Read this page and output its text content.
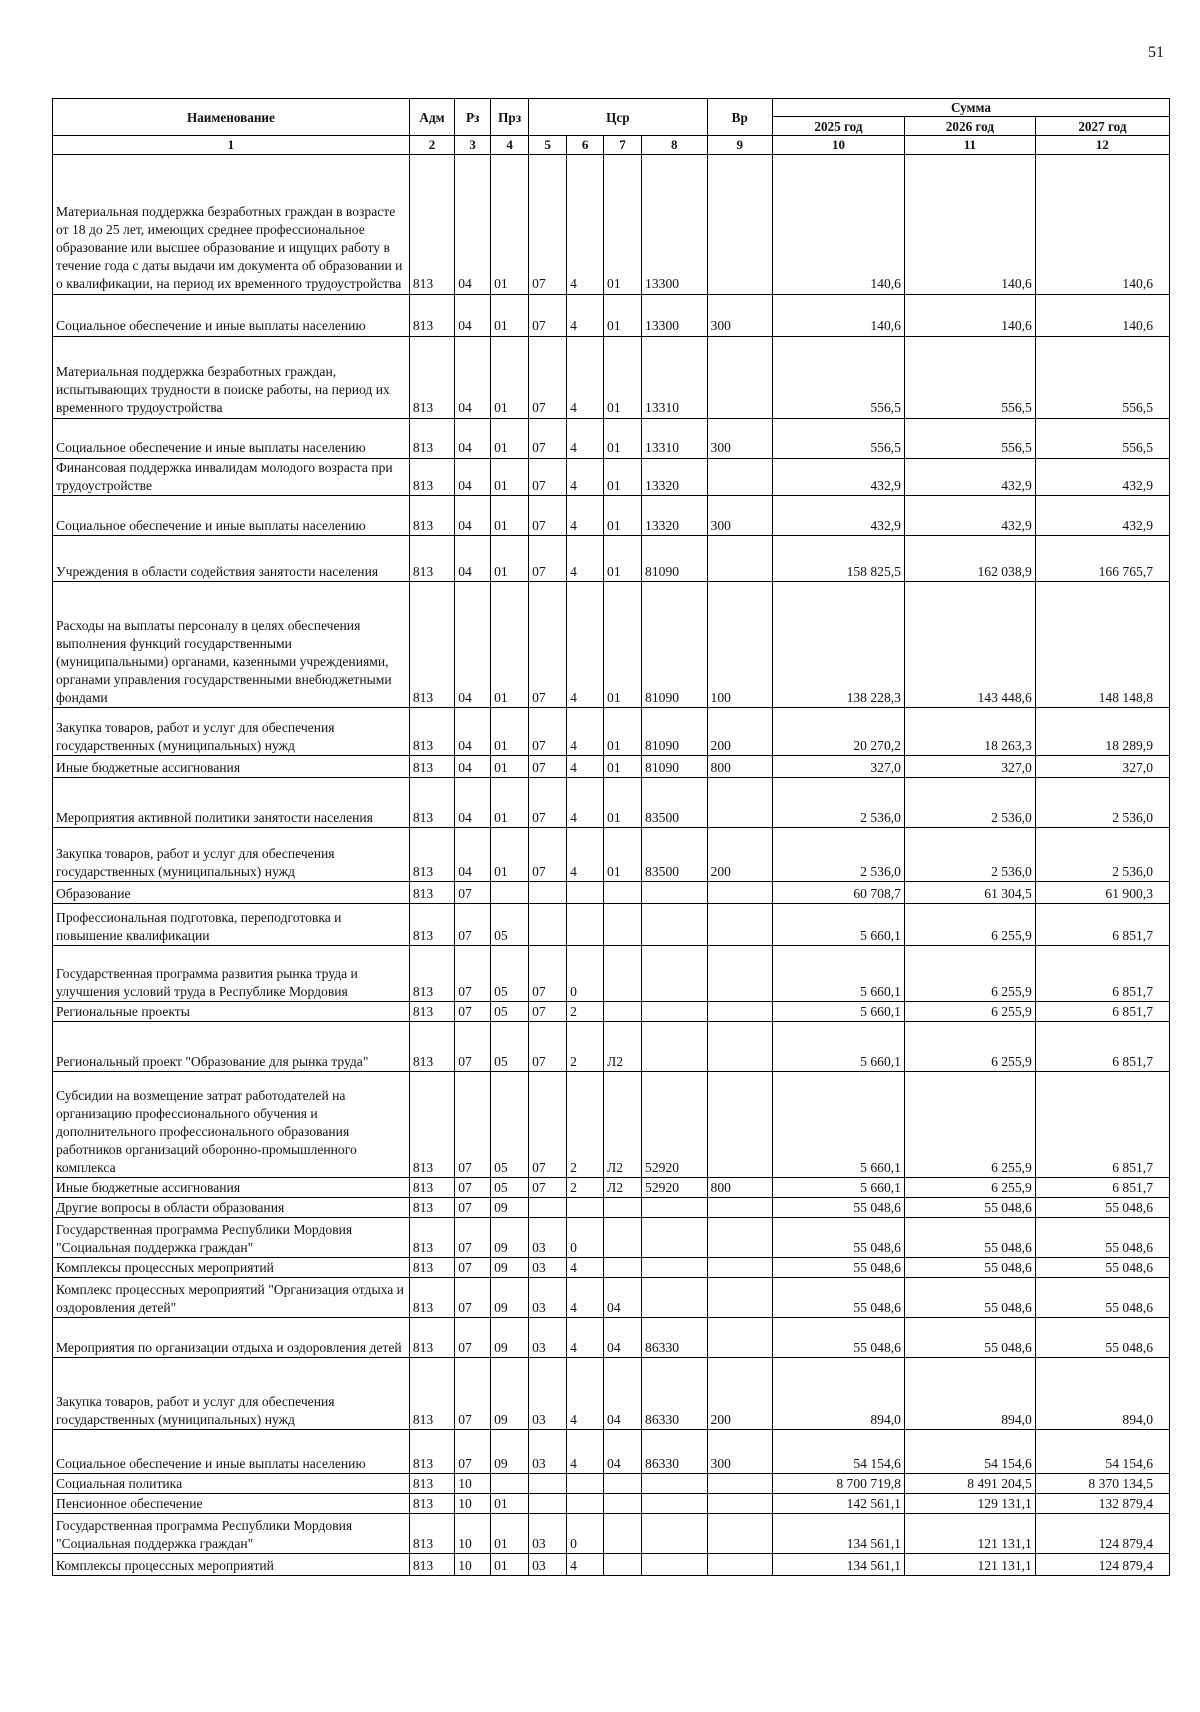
51
Наименование	Адм	Рз	Прз	Цср				Вр	Сумма		
									2025 год	2026 год	2027 год
1	2	3	4	5	6	7	8	9	10	11	12
Материальная поддержка безработных граждан в возрасте от 18 до 25 лет, имеющих среднее профессиональное образование или высшее образование и ищущих работу в течение года с даты выдачи им документа об образовании и о квалификации, на период их временного трудоустройства	813	04	01	07	4	01	13300		140,6	140,6	140,6
Социальное обеспечение и иные выплаты населению	813	04	01	07	4	01	13300	300	140,6	140,6	140,6
Материальная поддержка безработных граждан, испытывающих трудности в поиске работы, на период их временного трудоустройства	813	04	01	07	4	01	13310		556,5	556,5	556,5
Социальное обеспечение и иные выплаты населению	813	04	01	07	4	01	13310	300	556,5	556,5	556,5
Финансовая поддержка инвалидам молодого возраста при трудоустройстве	813	04	01	07	4	01	13320		432,9	432,9	432,9
Социальное обеспечение и иные выплаты населению	813	04	01	07	4	01	13320	300	432,9	432,9	432,9
Учреждения в области содействия занятости населения	813	04	01	07	4	01	81090		158 825,5	162 038,9	166 765,7
Расходы на выплаты персоналу в целях обеспечения выполнения функций государственными (муниципальными) органами, казенными учреждениями, органами управления государственными внебюджетными фондами	813	04	01	07	4	01	81090	100	138 228,3	143 448,6	148 148,8
Закупка товаров, работ и услуг для обеспечения государственных (муниципальных) нужд	813	04	01	07	4	01	81090	200	20 270,2	18 263,3	18 289,9
Иные бюджетные ассигнования	813	04	01	07	4	01	81090	800	327,0	327,0	327,0
Мероприятия активной политики занятости населения	813	04	01	07	4	01	83500		2 536,0	2 536,0	2 536,0
Закупка товаров, работ и услуг для обеспечения государственных (муниципальных) нужд	813	04	01	07	4	01	83500	200	2 536,0	2 536,0	2 536,0
Образование	813	07							60 708,7	61 304,5	61 900,3
Профессиональная подготовка, переподготовка и повышение квалификации	813	07	05						5 660,1	6 255,9	6 851,7
Государственная программа развития рынка труда и улучшения условий труда в Республике Мордовия	813	07	05	07	0				5 660,1	6 255,9	6 851,7
Региональные проекты	813	07	05	07	2				5 660,1	6 255,9	6 851,7
Региональный проект "Образование для рынка труда"	813	07	05	07	2	Л2			5 660,1	6 255,9	6 851,7
Субсидии на возмещение затрат работодателей на организацию профессионального обучения и дополнительного профессионального образования работников организаций оборонно-промышленного комплекса	813	07	05	07	2	Л2	52920		5 660,1	6 255,9	6 851,7
Иные бюджетные ассигнования	813	07	05	07	2	Л2	52920	800	5 660,1	6 255,9	6 851,7
Другие вопросы в области образования	813	07	09						55 048,6	55 048,6	55 048,6
Государственная программа Республики Мордовия "Социальная поддержка граждан"	813	07	09	03	0				55 048,6	55 048,6	55 048,6
Комплексы процессных мероприятий	813	07	09	03	4				55 048,6	55 048,6	55 048,6
Комплекс процессных мероприятий "Организация отдыха и оздоровления детей"	813	07	09	03	4	04			55 048,6	55 048,6	55 048,6
Мероприятия по организации отдыха и оздоровления детей	813	07	09	03	4	04	86330		55 048,6	55 048,6	55 048,6
Закупка товаров, работ и услуг для обеспечения государственных (муниципальных) нужд	813	07	09	03	4	04	86330	200	894,0	894,0	894,0
Социальное обеспечение и иные выплаты населению	813	07	09	03	4	04	86330	300	54 154,6	54 154,6	54 154,6
Социальная политика	813	10							8 700 719,8	8 491 204,5	8 370 134,5
Пенсионное обеспечение	813	10	01						142 561,1	129 131,1	132 879,4
Государственная программа Республики Мордовия "Социальная поддержка граждан"	813	10	01	03	0				134 561,1	121 131,1	124 879,4
Комплексы процессных мероприятий	813	10	01	03	4				134 561,1	121 131,1	124 879,4
